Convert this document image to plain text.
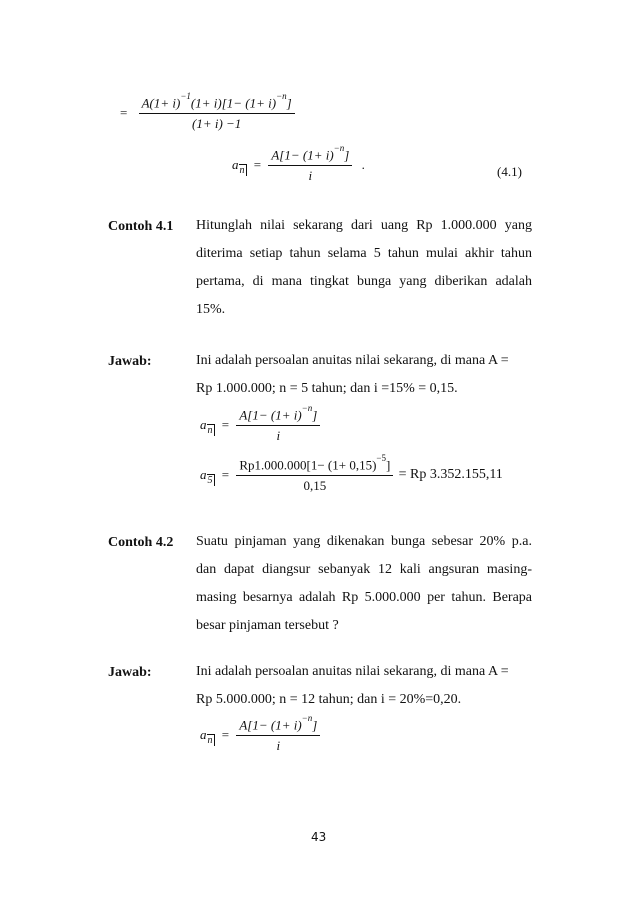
= $\frac{A(1+ i)^{-1}(1+ i)[1- (1+ i)^{-n}]}{(1+ i) -1}$
$a_n = \frac{A[1- (1+ i)^{-n}]}{i}$ .	(4.1)
Contoh 4.1 Hitunglah nilai sekarang dari uang Rp 1.000.000 yang diterima setiap tahun selama 5 tahun mulai akhir tahun pertama, di mana tingkat bunga yang diberikan adalah 15%.
Jawab:	Ini adalah persoalan anuitas nilai sekarang, di mana A =
Rp 1.000.000; n = 5 tahun; dan i =15% = 0,15.
$a_n = \frac{A[1- (1+ i)^{-n}]}{i}$
$a_5 = \frac{Rp1.000.000[1- (1+ 0,15)^{-5}]}{0,15} = Rp$ 3.352.155,11
Contoh 4.2 Suatu pinjaman yang dikenakan bunga sebesar 20% p.a. dan dapat diangsur sebanyak 12 kali angsuran masing-masing besarnya adalah Rp 5.000.000 per tahun. Berapa besar pinjaman tersebut ?
Jawab:	Ini adalah persoalan anuitas nilai sekarang, di mana A =
Rp 5.000.000; n = 12 tahun; dan i = 20%=0,20.
$a_n = \frac{A[1- (1+ i)^{-n}]}{i}$
43
